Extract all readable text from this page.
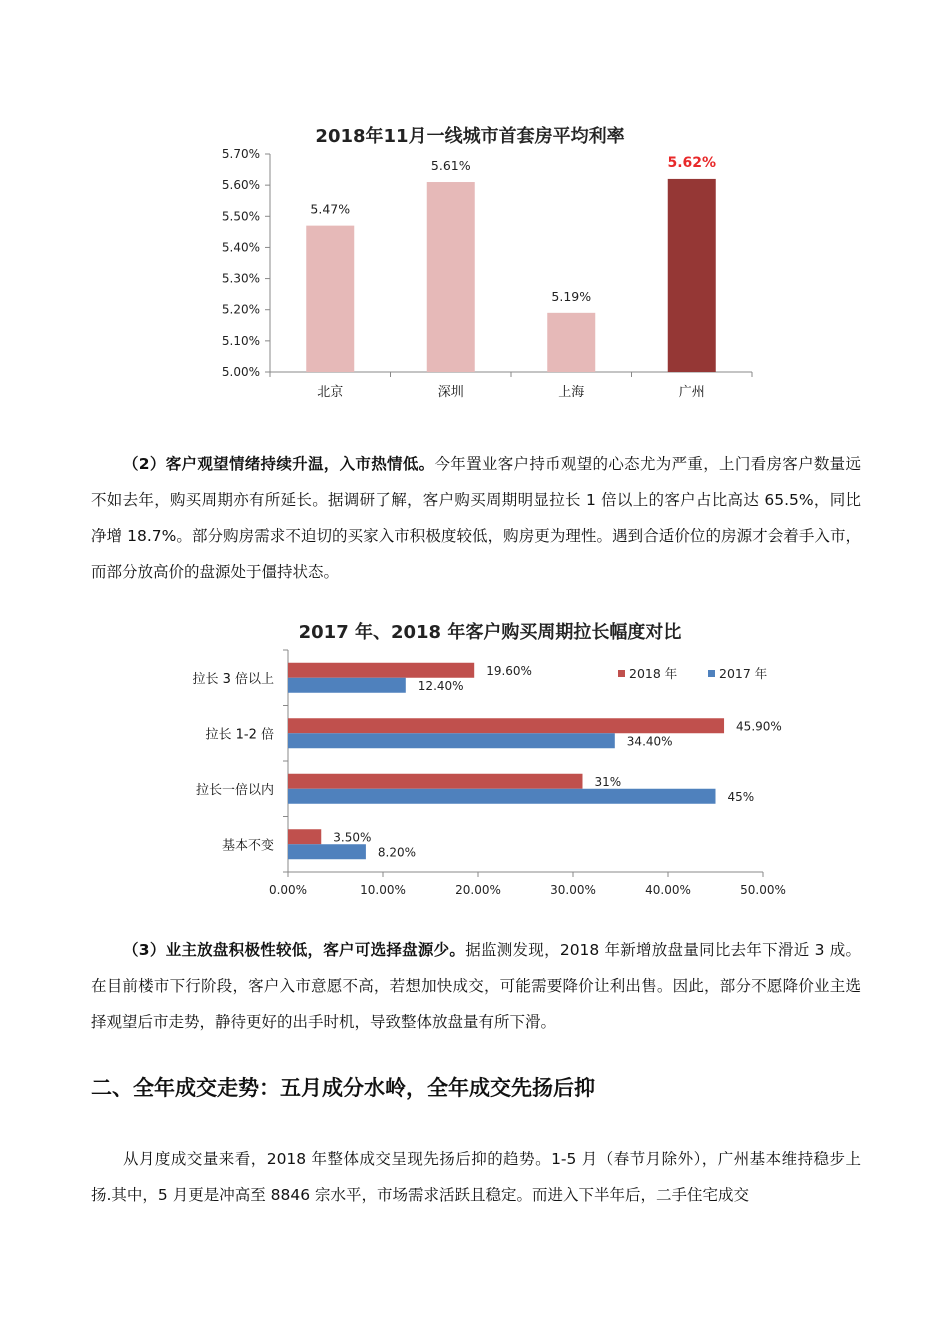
2018年11月一线城市首套房平均利率
5.00%
5.10%
5.20%
5.30%
5.40%
5.50%
5.60%
5.70%
5.47%
北京
5.61%
深圳
5.19%
上海
5.62%
广州
（2）客户观望情绪持续升温，入市热情低。今年置业客户持币观望的心态尤为严重，上门看房客户数量远不如去年，购买周期亦有所延长。据调研了解，客户购买周期明显拉长 1 倍以上的客户占比高达 65.5%，同比净增 18.7%。部分购房需求不迫切的买家入市积极度较低，购房更为理性。遇到合适价位的房源才会着手入市，而部分放高价的盘源处于僵持状态。
2017 年、2018 年客户购买周期拉长幅度对比
0.00%	10.00%	20.00%	30.00%	40.00%	50.00%
拉长 3 倍以上
19.60%
12.40%
拉长 1-2 倍
45.90%
34.40%
拉长一倍以内
31%
45%
基本不变
3.50%
8.20%
2018 年	2017 年
（3）业主放盘积极性较低，客户可选择盘源少。据监测发现，2018 年新增放盘量同比去年下滑近 3 成。在目前楼市下行阶段，客户入市意愿不高，若想加快成交，可能需要降价让利出售。因此，部分不愿降价业主选择观望后市走势，静待更好的出手时机，导致整体放盘量有所下滑。
二、全年成交走势：五月成分水岭，全年成交先扬后抑
从月度成交量来看，2018 年整体成交呈现先扬后抑的趋势。1-5 月（春节月除外），广州基本维持稳步上扬.其中，5 月更是冲高至 8846 宗水平，市场需求活跃且稳定。而进入下半年后，二手住宅成交
